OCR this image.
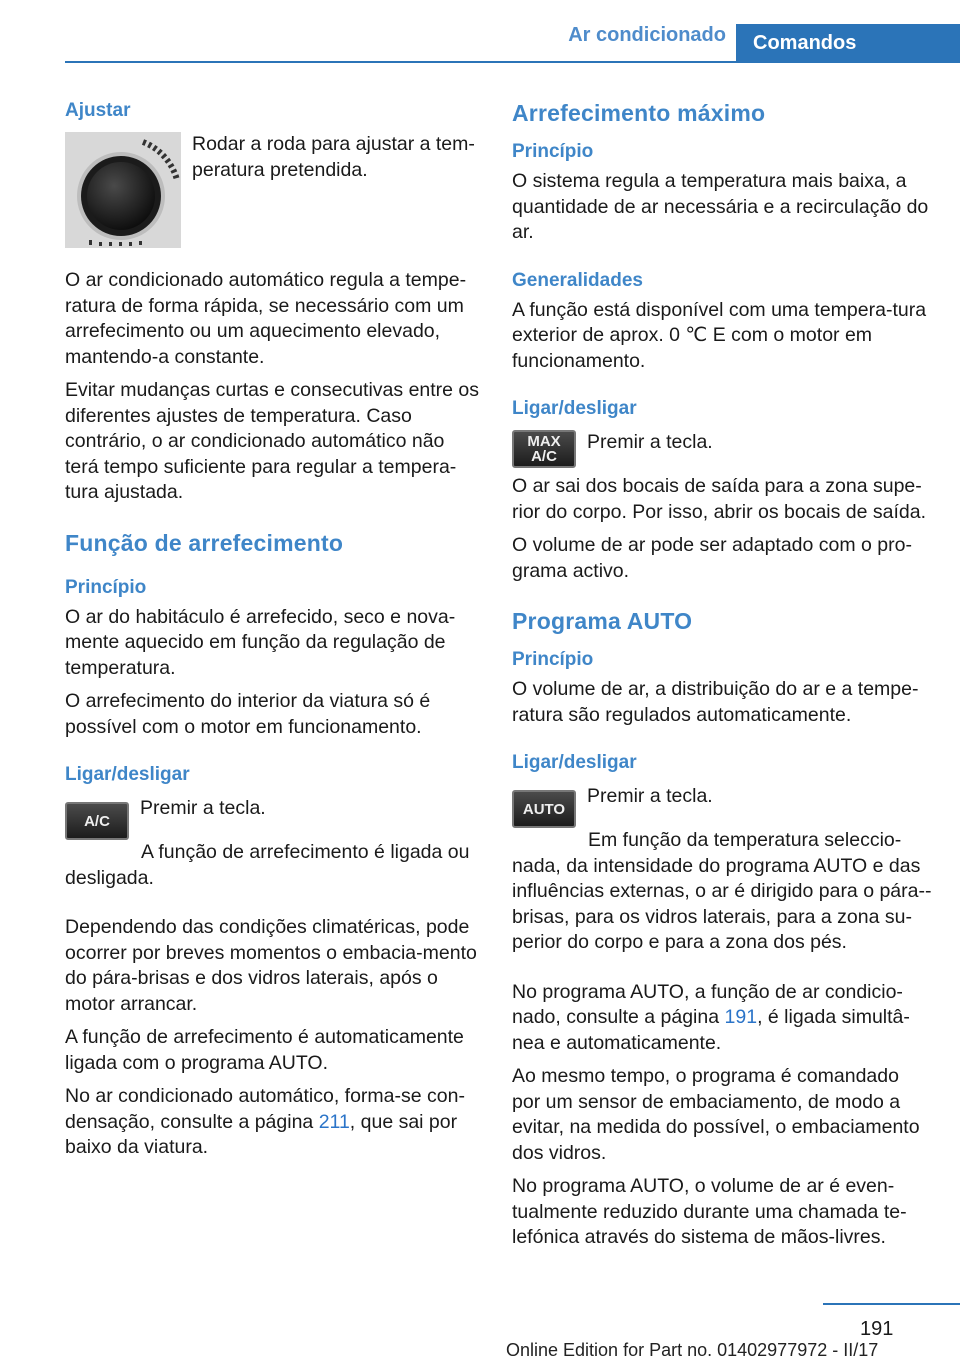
Ar condicionado	Comandos
Ajustar
Rodar a roda para ajustar a tem-peratura pretendida.

O ar condicionado automático regula a tempe-ratura de forma rápida, se necessário com um arrefecimento ou um aquecimento elevado, mantendo-a constante.

Evitar mudanças curtas e consecutivas entre os diferentes ajustes de temperatura. Caso contrário, o ar condicionado automático não terá tempo suficiente para regular a tempera-tura ajustada.

Função de arrefecimento
Princípio

O ar do habitáculo é arrefecido, seco e nova-mente aquecido em função da regulação de temperatura.

O arrefecimento do interior da viatura só é possível com o motor em funcionamento.

Ligar/desligar
A/C
Premir a tecla.

A função de arrefecimento é ligada ou desligada.

Dependendo das condições climatéricas, pode ocorrer por breves momentos o embacia-mento do pára-brisas e dos vidros laterais, após o motor arrancar.

A função de arrefecimento é automaticamente ligada com o programa AUTO.

No ar condicionado automático, forma-se con-densação, consulte a página 211, que sai por baixo da viatura.

Arrefecimento máximo
Princípio

O sistema regula a temperatura mais baixa, a quantidade de ar necessária e a recirculação do ar.

Generalidades

A função está disponível com uma tempera-tura exterior de aprox. 0 ℃ E com o motor em funcionamento.

Ligar/desligar
MAX
A/C
Premir a tecla.

O ar sai dos bocais de saída para a zona supe-rior do corpo. Por isso, abrir os bocais de saída.

O volume de ar pode ser adaptado com o pro-grama activo.

Programa AUTO
Princípio

O volume de ar, a distribuição do ar e a tempe-ratura são regulados automaticamente.

Ligar/desligar
AUTO
Premir a tecla.

Em função da temperatura seleccio-nada, da intensidade do programa AUTO e das influências externas, o ar é dirigido para o pára--brisas, para os vidros laterais, para a zona su-perior do corpo e para a zona dos pés.

No programa AUTO, a função de ar condicio-nado, consulte a página 191, é ligada simultâ-nea e automaticamente.

Ao mesmo tempo, o programa é comandado por um sensor de embaciamento, de modo a evitar, na medida do possível, o embaciamento dos vidros.

No programa AUTO, o volume de ar é even-tualmente reduzido durante uma chamada te-lefónica através do sistema de mãos-livres.

191
Online Edition for Part no. 01402977972 - II/17
